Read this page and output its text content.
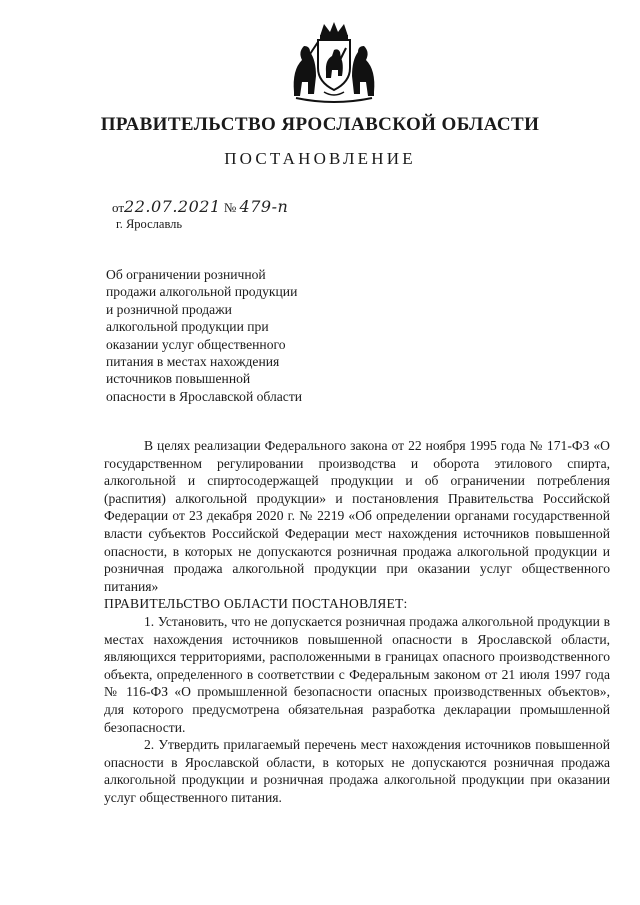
ПРАВИТЕЛЬСТВО ЯРОСЛАВСКОЙ ОБЛАСТИ
ПОСТАНОВЛЕНИЕ
от22.07.2021 № 479-п
г. Ярославль
Об ограничении розничной
продажи алкогольной продукции
и розничной продажи
алкогольной продукции при
оказании услуг общественного
питания в местах нахождения
источников повышенной
опасности в Ярославской области
В целях реализации Федерального закона от 22 ноября 1995 года № 171-ФЗ «О государственном регулировании производства и оборота этилового спирта, алкогольной и спиртосодержащей продукции и об ограничении потребления (распития) алкогольной продукции» и постановления Правительства Российской Федерации от 23 декабря 2020 г. № 2219 «Об определении органами государственной власти субъектов Российской Федерации мест нахождения источников повышенной опасности, в которых не допускаются розничная продажа алкогольной продукции и розничная продажа алкогольной продукции при оказании услуг общественного питания»
ПРАВИТЕЛЬСТВО ОБЛАСТИ ПОСТАНОВЛЯЕТ:
1. Установить, что не допускается розничная продажа алкогольной продукции в местах нахождения источников повышенной опасности в Ярославской области, являющихся территориями, расположенными в границах опасного производственного объекта, определенного в соответствии с Федеральным законом от 21 июля 1997 года № 116-ФЗ «О промышленной безопасности опасных производственных объектов», для которого предусмотрена обязательная разработка декларации промышленной безопасности.
2. Утвердить прилагаемый перечень мест нахождения источников повышенной опасности в Ярославской области, в которых не допускаются розничная продажа алкогольной продукции и розничная продажа алкогольной продукции при оказании услуг общественного питания.
